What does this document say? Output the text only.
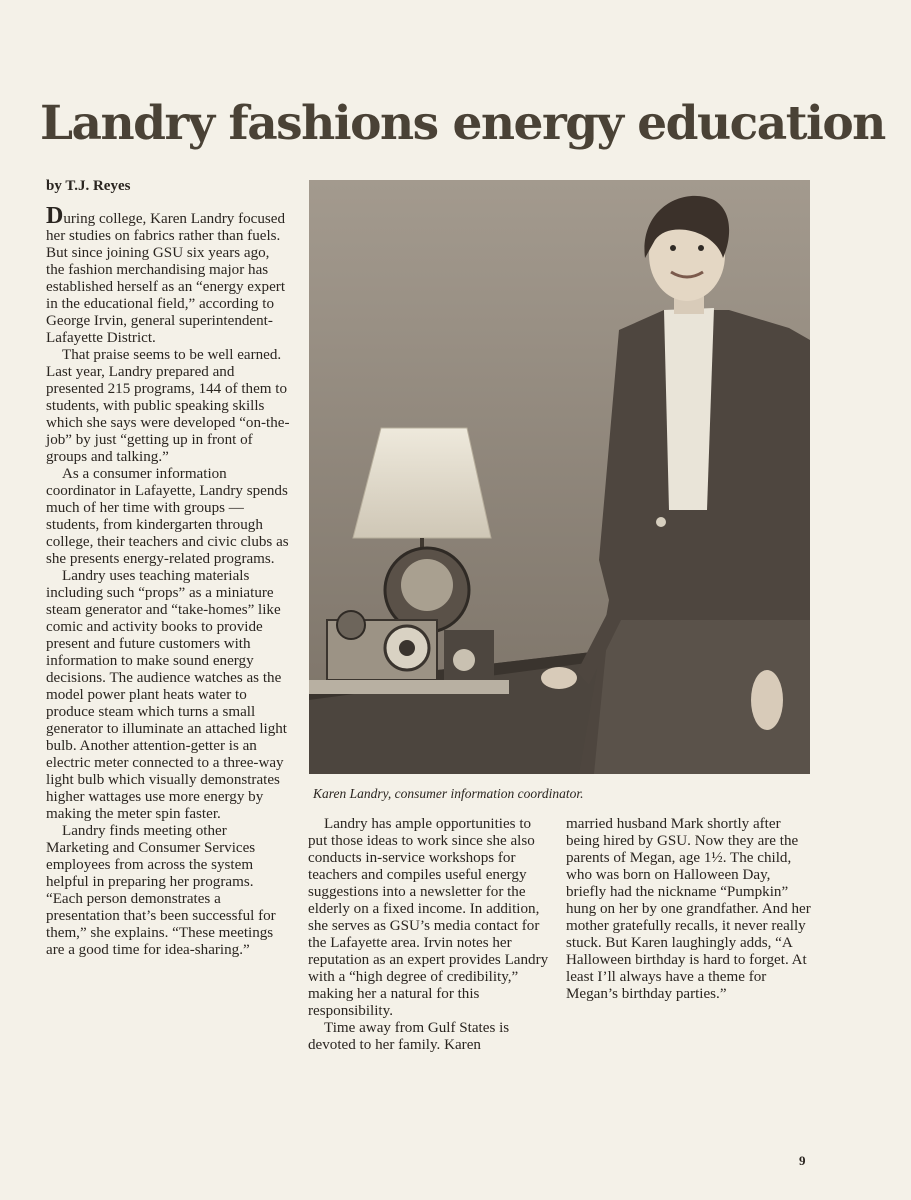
Landry fashions energy education

by T.J. Reyes

During college, Karen Landry focused her studies on fabrics rather than fuels. But since joining GSU six years ago, the fashion merchandising major has established herself as an “energy expert in the educational field,” according to George Irvin, general superintendent-Lafayette District.

That praise seems to be well earned. Last year, Landry prepared and presented 215 programs, 144 of them to students, with public speaking skills which she says were developed “on-the-job” by just “getting up in front of groups and talking.”

As a consumer information coordinator in Lafayette, Landry spends much of her time with groups — students, from kindergarten through college, their teachers and civic clubs as she presents energy-related programs.

Landry uses teaching materials including such “props” as a miniature steam generator and “take-homes” like comic and activity books to provide present and future customers with information to make sound energy decisions. The audience watches as the model power plant heats water to produce steam which turns a small generator to illuminate an attached light bulb. Another attention-getter is an electric meter connected to a three-way light bulb which visually demonstrates higher wattages use more energy by making the meter spin faster.

Landry finds meeting other Marketing and Consumer Services employees from across the system helpful in preparing her programs. “Each person demonstrates a presentation that’s been successful for them,” she explains. “These meetings are a good time for idea-sharing.”

Karen Landry, consumer information coordinator.

Landry has ample opportunities to put those ideas to work since she also conducts in-service workshops for teachers and compiles useful energy suggestions into a newsletter for the elderly on a fixed income. In addition, she serves as GSU’s media contact for the Lafayette area. Irvin notes her reputation as an expert provides Landry with a “high degree of credibility,” making her a natural for this responsibility.

Time away from Gulf States is devoted to her family. Karen

married husband Mark shortly after being hired by GSU. Now they are the parents of Megan, age 1½. The child, who was born on Halloween Day, briefly had the nickname “Pumpkin” hung on her by one grandfather. And her mother gratefully recalls, it never really stuck. But Karen laughingly adds, “A Halloween birthday is hard to forget. At least I’ll always have a theme for Megan’s birthday parties.”

9
